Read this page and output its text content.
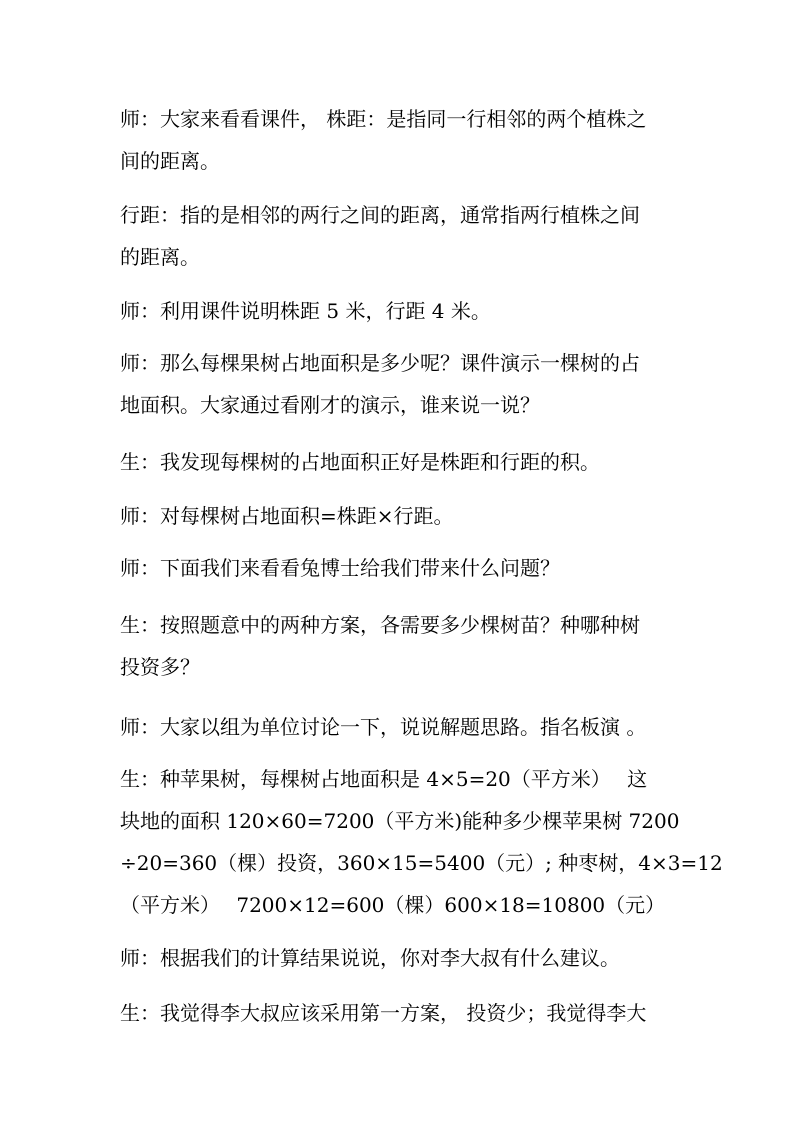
师：大家来看看课件， 株距：是指同一行相邻的两个植株之
间的距离。

行距：指的是相邻的两行之间的距离，通常指两行植株之间
的距离。

师：利用课件说明株距 5 米，行距 4 米。

师：那么每棵果树占地面积是多少呢？课件演示一棵树的占
地面积。大家通过看刚才的演示，谁来说一说？

生：我发现每棵树的占地面积正好是株距和行距的积。

师：对每棵树占地面积=株距×行距。

师：下面我们来看看兔博士给我们带来什么问题？

生：按照题意中的两种方案，各需要多少棵树苗？种哪种树
投资多？

师：大家以组为单位讨论一下，说说解题思路。指名板演 。

生：种苹果树，每棵树占地面积是 4×5=20（平方米）　 这
块地的面积 120×60=7200（平方米)能种多少棵苹果树 7200
÷20=360（棵）投资，360×15=5400（元）; 种枣树，4×3=12
（平方米）　 7200×12=600（棵）600×18=10800（元）

师：根据我们的计算结果说说，你对李大叔有什么建议。

生：我觉得李大叔应该采用第一方案， 投资少；我觉得李大
